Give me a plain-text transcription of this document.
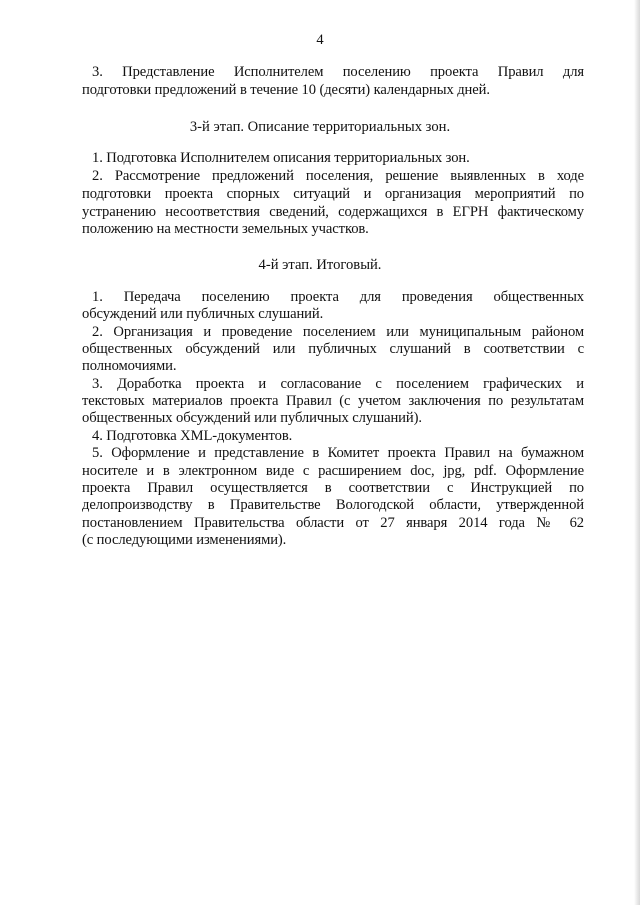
4
3. Представление Исполнителем поселению проекта Правил для
подготовки предложений в течение 10 (десяти) календарных дней.
3-й этап. Описание территориальных зон.
1. Подготовка Исполнителем описания территориальных зон.
2. Рассмотрение предложений поселения, решение выявленных в ходе
подготовки проекта спорных ситуаций и организация мероприятий по
устранению несоответствия сведений, содержащихся в ЕГРН фактическому
положению на местности земельных участков.
4-й этап. Итоговый.
1. Передача поселению проекта для проведения общественных
обсуждений или публичных слушаний.
2. Организация и проведение поселением или муниципальным районом
общественных обсуждений или публичных слушаний в соответствии с
полномочиями.
3. Доработка проекта и согласование с поселением графических и
текстовых материалов проекта Правил (с учетом заключения по результатам
общественных обсуждений или публичных слушаний).
4. Подготовка XML-документов.
5. Оформление и представление в Комитет проекта Правил на бумажном
носителе и в электронном виде с расширением doc, jpg, pdf. Оформление
проекта Правил осуществляется в соответствии с Инструкцией по
делопроизводству в Правительстве Вологодской области, утвержденной
постановлением Правительства области от 27 января 2014 года № 62
(с последующими изменениями).
